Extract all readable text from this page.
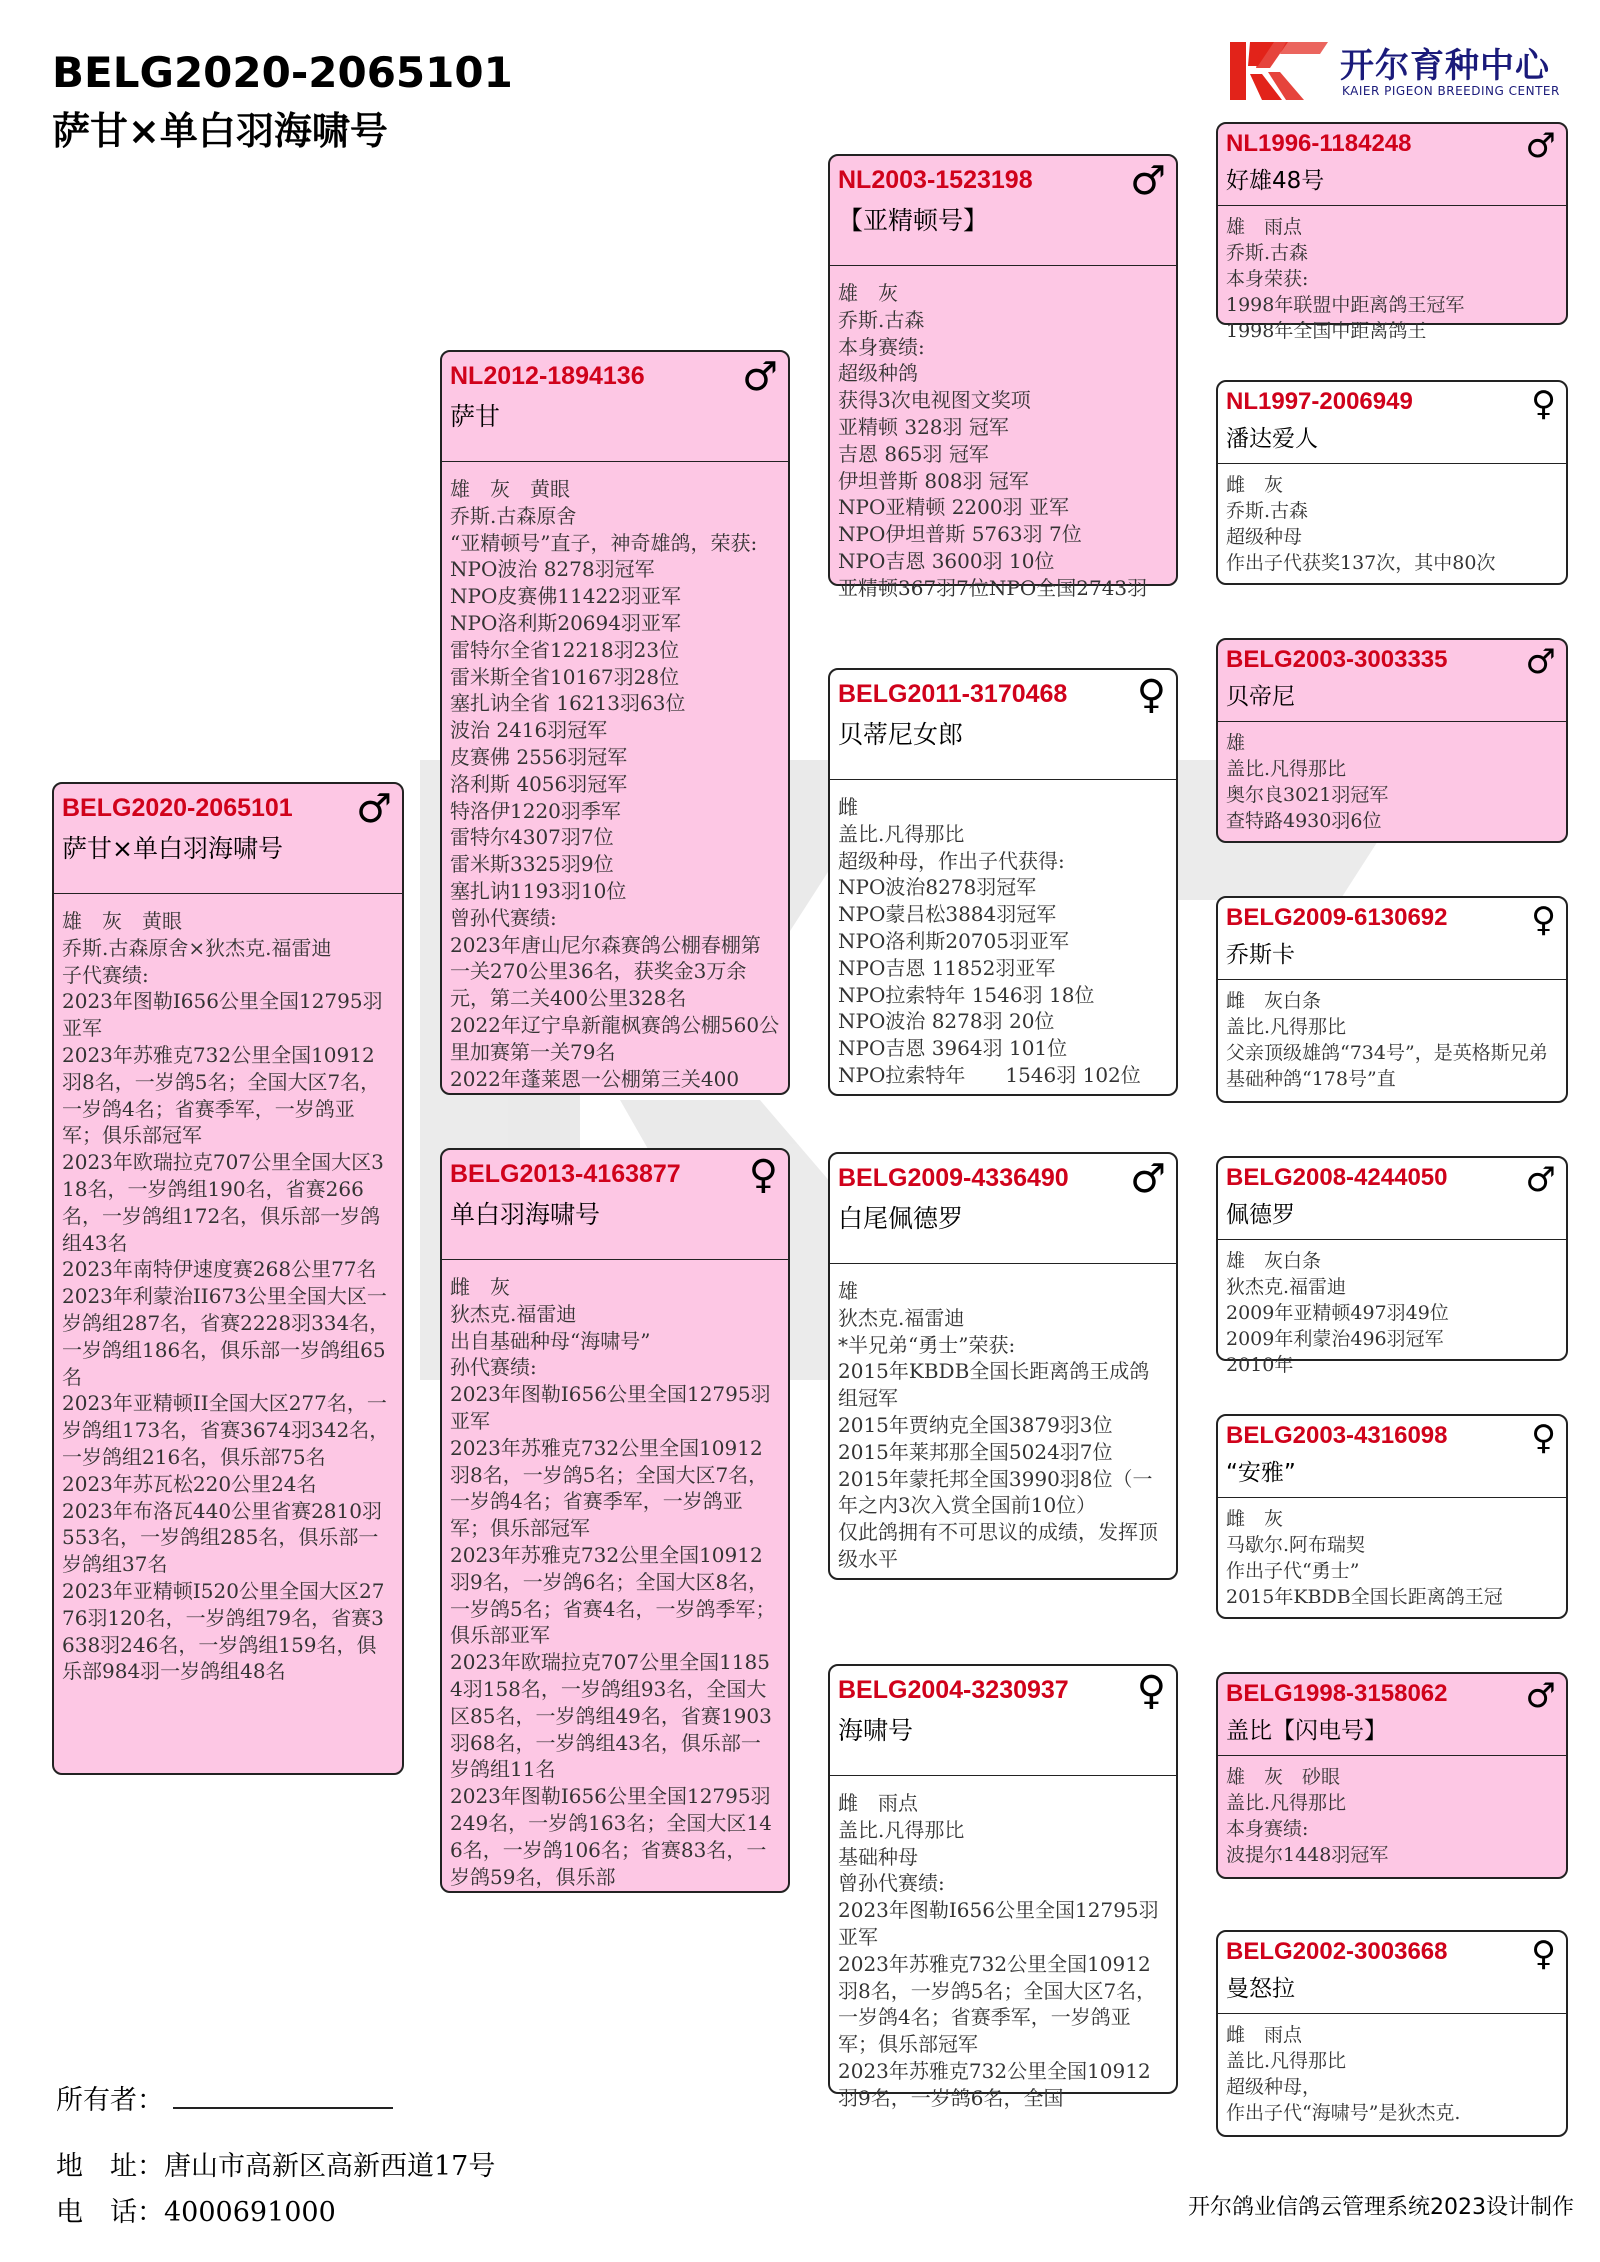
BELG2020-2065101
萨甘×单白羽海啸号
开尔育种中心
KAIER PIGEON BREEDING CENTER
BELG2020-2065101
萨甘×单白羽海啸号
♂
雄　灰　黄眼
乔斯.古森原舍×狄杰克.福雷迪
子代赛绩:
2023年图勒I656公里全国12795羽亚军
2023年苏雅克732公里全国10912羽8名，一岁鸽5名；全国大区7名，一岁鸽4名；省赛季军，一岁鸽亚军；俱乐部冠军
2023年欧瑞拉克707公里全国大区318名，一岁鸽组190名，省赛266名，一岁鸽组172名，俱乐部一岁鸽组43名
2023年南特伊速度赛268公里77名
2023年利蒙治II673公里全国大区一岁鸽组287名，省赛2228羽334名，一岁鸽组186名，俱乐部一岁鸽组65名
2023年亚精顿II全国大区277名，一岁鸽组173名，省赛3674羽342名，一岁鸽组216名，俱乐部75名
2023年苏瓦松220公里24名
2023年布洛瓦440公里省赛2810羽553名，一岁鸽组285名，俱乐部一岁鸽组37名
2023年亚精顿I520公里全国大区2776羽120名，一岁鸽组79名，省赛3638羽246名，一岁鸽组159名，俱乐部984羽一岁鸽组48名
NL2012-1894136
萨甘
♂
雄　灰　黄眼
乔斯.古森原舍
“亚精顿号”直子，神奇雄鸽，荣获:
NPO波治 8278羽冠军
NPO皮赛佛11422羽亚军
NPO洛利斯20694羽亚军
雷特尔全省12218羽23位
雷米斯全省10167羽28位
塞扎讷全省 16213羽63位
波治 2416羽冠军
皮赛佛 2556羽冠军
洛利斯 4056羽冠军
特洛伊1220羽季军
雷特尔4307羽7位
雷米斯3325羽9位
塞扎讷1193羽10位
曾孙代赛绩:
2023年唐山尼尔森赛鸽公棚春棚第一关270公里36名，获奖金3万余元，第二关400公里328名
2022年辽宁阜新龍枫赛鸽公棚560公里加赛第一关79名
2022年蓬莱恩一公棚第三关400
BELG2013-4163877
单白羽海啸号
♀
雌　灰
狄杰克.福雷迪
出自基础种母“海啸号”
孙代赛绩:
2023年图勒I656公里全国12795羽亚军
2023年苏雅克732公里全国10912羽8名，一岁鸽5名；全国大区7名，一岁鸽4名；省赛季军，一岁鸽亚军；俱乐部冠军
2023年苏雅克732公里全国10912羽9名，一岁鸽6名；全国大区8名，一岁鸽5名；省赛4名，一岁鸽季军；俱乐部亚军
2023年欧瑞拉克707公里全国11854羽158名，一岁鸽组93名，全国大区85名，一岁鸽组49名，省赛1903羽68名，一岁鸽组43名，俱乐部一岁鸽组11名
2023年图勒I656公里全国12795羽249名，一岁鸽163名；全国大区146名，一岁鸽106名；省赛83名，一岁鸽59名，俱乐部
NL2003-1523198
【亚精顿号】
♂
雄　灰
乔斯.古森
本身赛绩:
超级种鸽
获得3次电视图文奖项
亚精顿 328羽 冠军
吉恩 865羽 冠军
伊坦普斯 808羽 冠军
NPO亚精顿 2200羽 亚军
NPO伊坦普斯 5763羽 7位
NPO吉恩 3600羽 10位
亚精顿367羽7位NPO全国2743羽
BELG2011-3170468
贝蒂尼女郎
♀
雌
盖比.凡得那比
超级种母，作出子代获得:
NPO波治8278羽冠军
NPO蒙吕松3884羽冠军
NPO洛利斯20705羽亚军
NPO吉恩 11852羽亚军
NPO拉索特年 1546羽 18位
NPO波治 8278羽 20位
NPO吉恩 3964羽 101位
NPO拉索特年　　1546羽 102位
BELG2009-4336490
白尾佩德罗
♂
雄
狄杰克.福雷迪
*半兄弟“勇士”荣获:
2015年KBDB全国长距离鸽王成鸽组冠军
2015年贾纳克全国3879羽3位
2015年莱邦那全国5024羽7位
2015年蒙托邦全国3990羽8位（一年之内3次入赏全国前10位）
仅此鸽拥有不可思议的成绩，发挥顶级水平
BELG2004-3230937
海啸号
♀
雌　雨点
盖比.凡得那比
基础种母
曾孙代赛绩:
2023年图勒I656公里全国12795羽亚军
2023年苏雅克732公里全国10912羽8名，一岁鸽5名；全国大区7名，一岁鸽4名；省赛季军，一岁鸽亚军；俱乐部冠军
2023年苏雅克732公里全国10912羽9名，一岁鸽6名，全国
NL1996-1184248
好雄48号
♂
雄　雨点
乔斯.古森
本身荣获:
1998年联盟中距离鸽王冠军
1998年全国中距离鸽王
NL1997-2006949
潘达爱人
♀
雌　灰
乔斯.古森
超级种母
作出子代获奖137次，其中80次
BELG2003-3003335
贝帝尼
♂
雄
盖比.凡得那比
奥尔良3021羽冠军
查特路4930羽6位
BELG2009-6130692
乔斯卡
♀
雌　灰白条
盖比.凡得那比
父亲顶级雄鸽“734号”，是英格斯兄弟基础种鸽“178号”直
BELG2008-4244050
佩德罗
♂
雄　灰白条
狄杰克.福雷迪
2009年亚精顿497羽49位
2009年利蒙治496羽冠军
2010年
BELG2003-4316098
“安雅”
♀
雌　灰
马歇尔.阿布瑞契
作出子代“勇士”
2015年KBDB全国长距离鸽王冠
BELG1998-3158062
盖比【闪电号】
♂
雄　灰　砂眼
盖比.凡得那比
本身赛绩:
波提尔1448羽冠军
BELG2002-3003668
曼怒拉
♀
雌　雨点
盖比.凡得那比
超级种母，
作出子代“海啸号”是狄杰克.
所有者：
地　址：唐山市高新区高新西道17号
电　话：4000691000	开尔鸽业信鸽云管理系统2023设计制作
